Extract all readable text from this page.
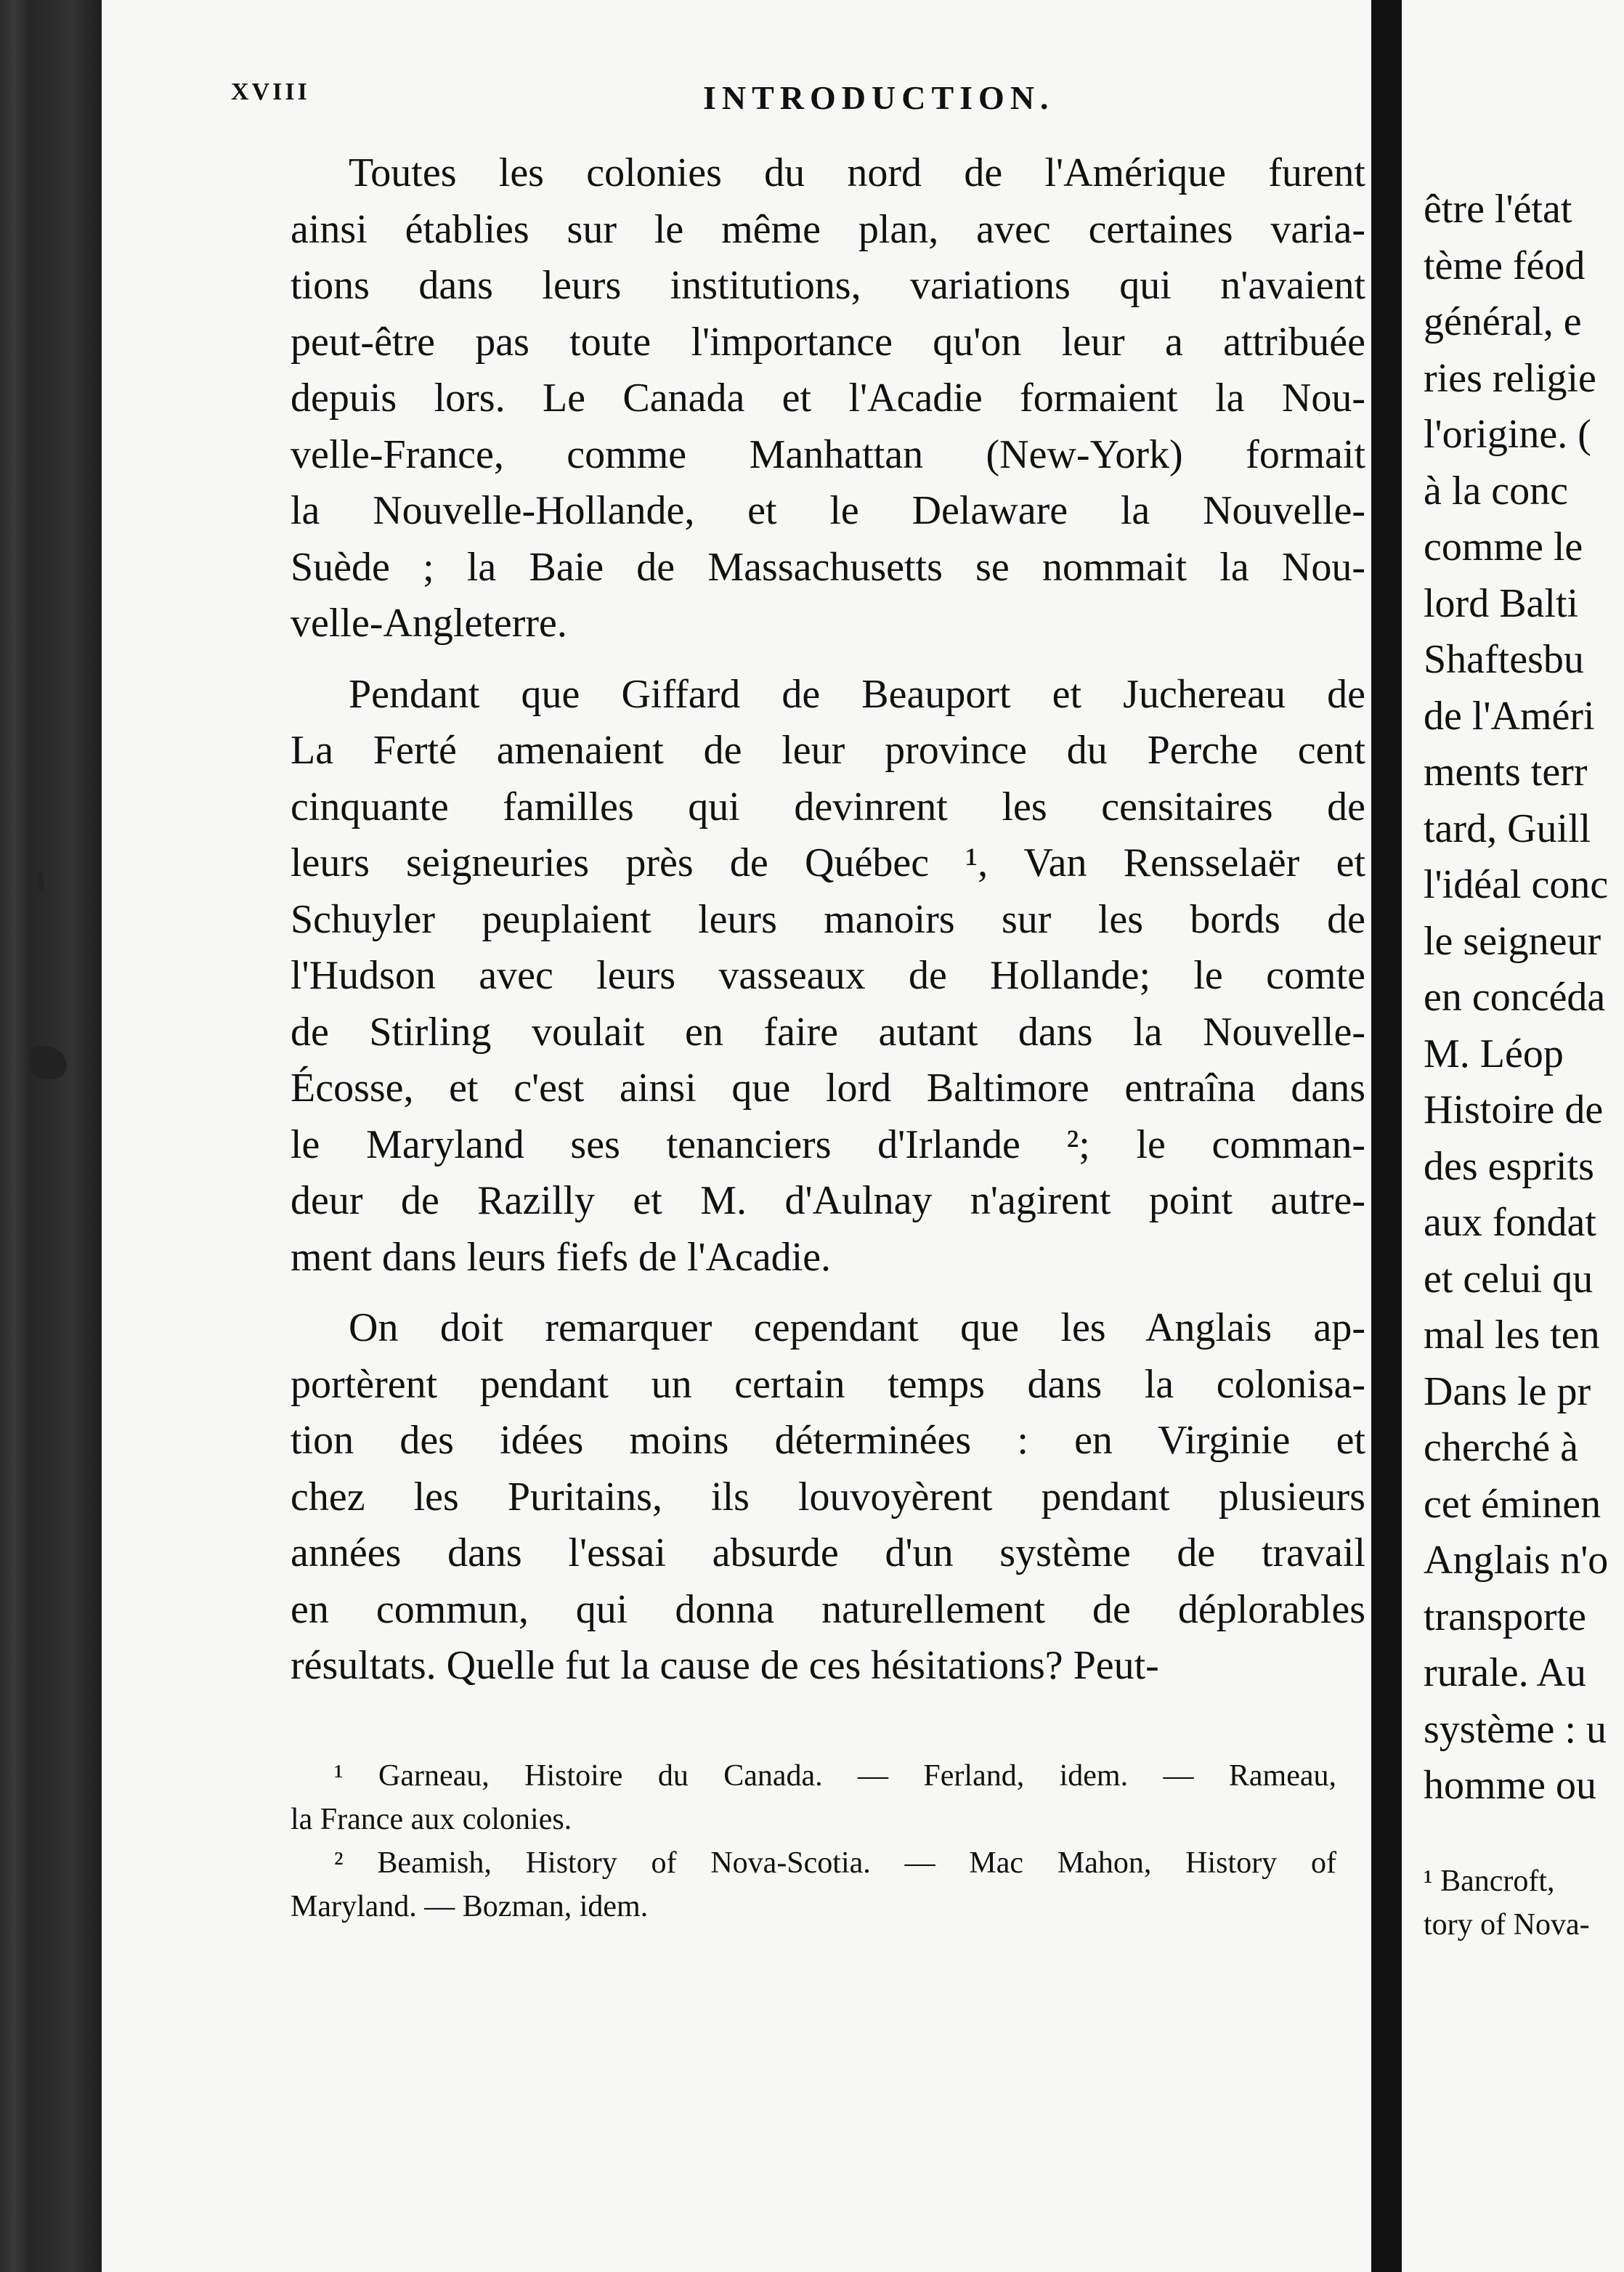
XVIII	INTRODUCTION.
Toutes les colonies du nord de l'Amérique furent
ainsi établies sur le même plan, avec certaines varia-
tions dans leurs institutions, variations qui n'avaient
peut-être pas toute l'importance qu'on leur a attribuée
depuis lors. Le Canada et l'Acadie formaient la Nou-
velle-France, comme Manhattan (New-York) formait
la Nouvelle-Hollande, et le Delaware la Nouvelle-
Suède ; la Baie de Massachusetts se nommait la Nou-
velle-Angleterre.
Pendant que Giffard de Beauport et Juchereau de
La Ferté amenaient de leur province du Perche cent
cinquante familles qui devinrent les censitaires de
leurs seigneuries près de Québec ¹, Van Rensselaër et
Schuyler peuplaient leurs manoirs sur les bords de
l'Hudson avec leurs vasseaux de Hollande; le comte
de Stirling voulait en faire autant dans la Nouvelle-
Écosse, et c'est ainsi que lord Baltimore entraîna dans
le Maryland ses tenanciers d'Irlande ²; le comman-
deur de Razilly et M. d'Aulnay n'agirent point autre-
ment dans leurs fiefs de l'Acadie.
On doit remarquer cependant que les Anglais ap-
portèrent pendant un certain temps dans la colonisa-
tion des idées moins déterminées : en Virginie et
chez les Puritains, ils louvoyèrent pendant plusieurs
années dans l'essai absurde d'un système de travail
en commun, qui donna naturellement de déplorables
résultats. Quelle fut la cause de ces hésitations? Peut-
¹ Garneau, Histoire du Canada. — Ferland, idem. — Rameau,
la France aux colonies.
² Beamish, History of Nova-Scotia. — Mac Mahon, History of
Maryland. — Bozman, idem.
être l'état
tème féod
général, e
ries religie
l'origine. (
à la conc
comme le
lord Balti
Shaftesbu
de l'Améri
ments terr
tard, Guill
l'idéal conc
le seigneur
en concéda
M. Léop
Histoire de
des esprits
aux fondat
et celui qu
mal les ten
Dans le pr
cherché à
cet éminen
Anglais n'o
transporte
rurale. Au
système : u
homme ou
¹ Bancroft,
tory of Nova-
